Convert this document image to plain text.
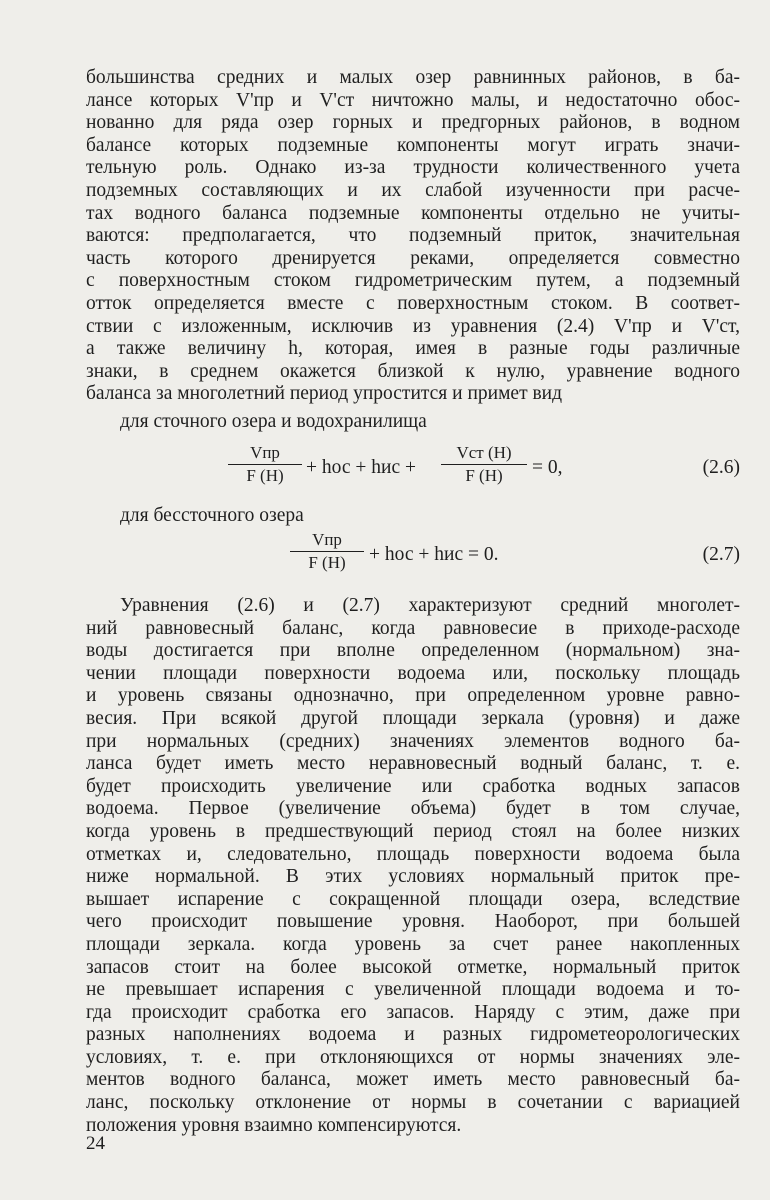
большинства средних и малых озер равнинных районов, в ба-
лансе которых V'пр и V'ст ничтожно малы, и недостаточно обос-
нованно для ряда озер горных и предгорных районов, в водном
балансе которых подземные компоненты могут играть значи-
тельную роль. Однако из-за трудности количественного учета
подземных составляющих и их слабой изученности при расче-
тах водного баланса подземные компоненты отдельно не учиты-
ваются: предполагается, что подземный приток, значительная
часть которого дренируется реками, определяется совместно
с поверхностным стоком гидрометрическим путем, а подземный
отток определяется вместе с поверхностным стоком. В соответ-
ствии с изложенным, исключив из уравнения (2.4) V'пр и V'ст,
а также величину h, которая, имея в разные годы различные
знаки, в среднем окажется близкой к нулю, уравнение водного
баланса за многолетний период упростится и примет вид
для сточного озера и водохранилища
Vпр
F (H)	+ hос + hис +
Vст (H)
F (H)	= 0,	(2.6)
для бессточного озера
Vпр
F (H)	+ hос + hис = 0.	(2.7)
Уравнения (2.6) и (2.7) характеризуют средний многолет-
ний равновесный баланс, когда равновесие в приходе-расходе
воды достигается при вполне определенном (нормальном) зна-
чении площади поверхности водоема или, поскольку площадь
и уровень связаны однозначно, при определенном уровне равно-
весия. При всякой другой площади зеркала (уровня) и даже
при нормальных (средних) значениях элементов водного ба-
ланса будет иметь место неравновесный водный баланс, т. е.
будет происходить увеличение или сработка водных запасов
водоема. Первое (увеличение объема) будет в том случае,
когда уровень в предшествующий период стоял на более низких
отметках и, следовательно, площадь поверхности водоема была
ниже нормальной. В этих условиях нормальный приток пре-
вышает испарение с сокращенной площади озера, вследствие
чего происходит повышение уровня. Наоборот, при большей
площади зеркала. когда уровень за счет ранее накопленных
запасов стоит на более высокой отметке, нормальный приток
не превышает испарения с увеличенной площади водоема и то-
гда происходит сработка его запасов. Наряду с этим, даже при
разных наполнениях водоема и разных гидрометеорологических
условиях, т. е. при отклоняющихся от нормы значениях эле-
ментов водного баланса, может иметь место равновесный ба-
ланс, поскольку отклонение от нормы в сочетании с вариацией
положения уровня взаимно компенсируются.
24
